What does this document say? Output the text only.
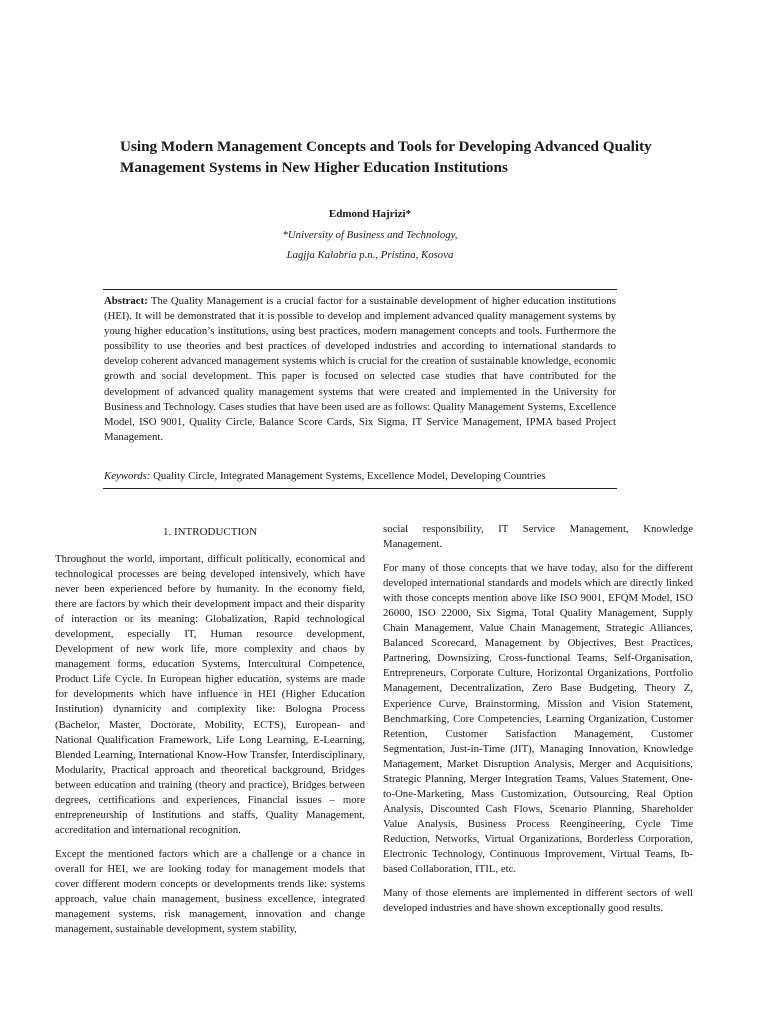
Using Modern Management Concepts and Tools for Developing Advanced Quality Management Systems in New Higher Education Institutions
Edmond Hajrizi*
*University of Business and Technology,
Lagjja Kalabria p.n., Pristina, Kosova
Abstract: The Quality Management is a crucial factor for a sustainable development of higher education institutions (HEI). It will be demonstrated that it is possible to develop and implement advanced quality management systems by young higher education’s institutions, using best practices, modern management concepts and tools. Furthermore the possibility to use theories and best practices of developed industries and according to international standards to develop coherent advanced management systems which is crucial for the creation of sustainable knowledge, economic growth and social development. This paper is focused on selected case studies that have contributed for the development of advanced quality management systems that were created and implemented in the University for Business and Technology. Cases studies that have been used are as follows: Quality Management Systems, Excellence Model, ISO 9001, Quality Circle, Balance Score Cards, Six Sigma, IT Service Management, IPMA based Project Management.
Keywords: Quality Circle, Integrated Management Systems, Excellence Model, Developing Countries
1. INTRODUCTION

Throughout the world, important, difficult politically, economical and technological processes are being developed intensively, which have never been experienced before by humanity. In the economy field, there are factors by which their development impact and their disparity of interaction or its meaning: Globalization, Rapid technological development, especially IT, Human resource development, Development of new work life, more complexity and chaos by management forms, education Systems, Intercultural Competence, Product Life Cycle. In European higher education, systems are made for developments which have influence in HEI (Higher Education Institution) dynamicity and complexity like: Bologna Process (Bachelor, Master, Doctorate, Mobility, ECTS), European- and National Qualification Framework, Life Long Learning, E-Learning, Blended Learning, International Know-How Transfer, Interdisciplinary, Modularity, Practical approach and theoretical background, Bridges between education and training (theory and practice), Bridges between degrees, certifications and experiences, Financial issues – more entrepreneurship of Institutions and staffs, Quality Management, accreditation and international recognition.

Except the mentioned factors which are a challenge or a chance in overall for HEI, we are looking today for management models that cover different modern concepts or developments trends like: systems approach, value chain management, business excellence, integrated management systems, risk management, innovation and change management, sustainable development, system stability,

social responsibility, IT Service Management, Knowledge Management.

For many of those concepts that we have today, also for the different developed international standards and models which are directly linked with those concepts mention above like ISO 9001, EFQM Model, ISO 26000, ISO 22000, Six Sigma, Total Quality Management, Supply Chain Management, Value Chain Management, Strategic Alliances, Balanced Scorecard, Management by Objectives, Best Practices, Partnering, Downsizing, Cross-functional Teams, Self-Organisation, Entrepreneurs, Corporate Culture, Horizontal Organizations, Portfolio Management, Decentralization, Zero Base Budgeting, Theory Z, Experience Curve, Brainstorming, Mission and Vision Statement, Benchmarking, Core Competencies, Learning Organization, Customer Retention, Customer Satisfaction Management, Customer Segmentation, Just-in-Time (JIT), Managing Innovation, Knowledge Management, Market Disruption Analysis, Merger and Acquisitions, Strategic Planning, Merger Integration Teams, Values Statement, One-to-One-Marketing, Mass Customization, Outsourcing, Real Option Analysis, Discounted Cash Flows, Scenario Planning, Shareholder Value Analysis, Business Process Reengineering, Cycle Time Reduction, Networks, Virtual Organizations, Borderless Corporation, Electronic Technology, Continuous Improvement, Virtual Teams, Ib-based Collaboration, ITIL, etc.

Many of those elements are implemented in different sectors of well developed industries and have shown exceptionally good results.
